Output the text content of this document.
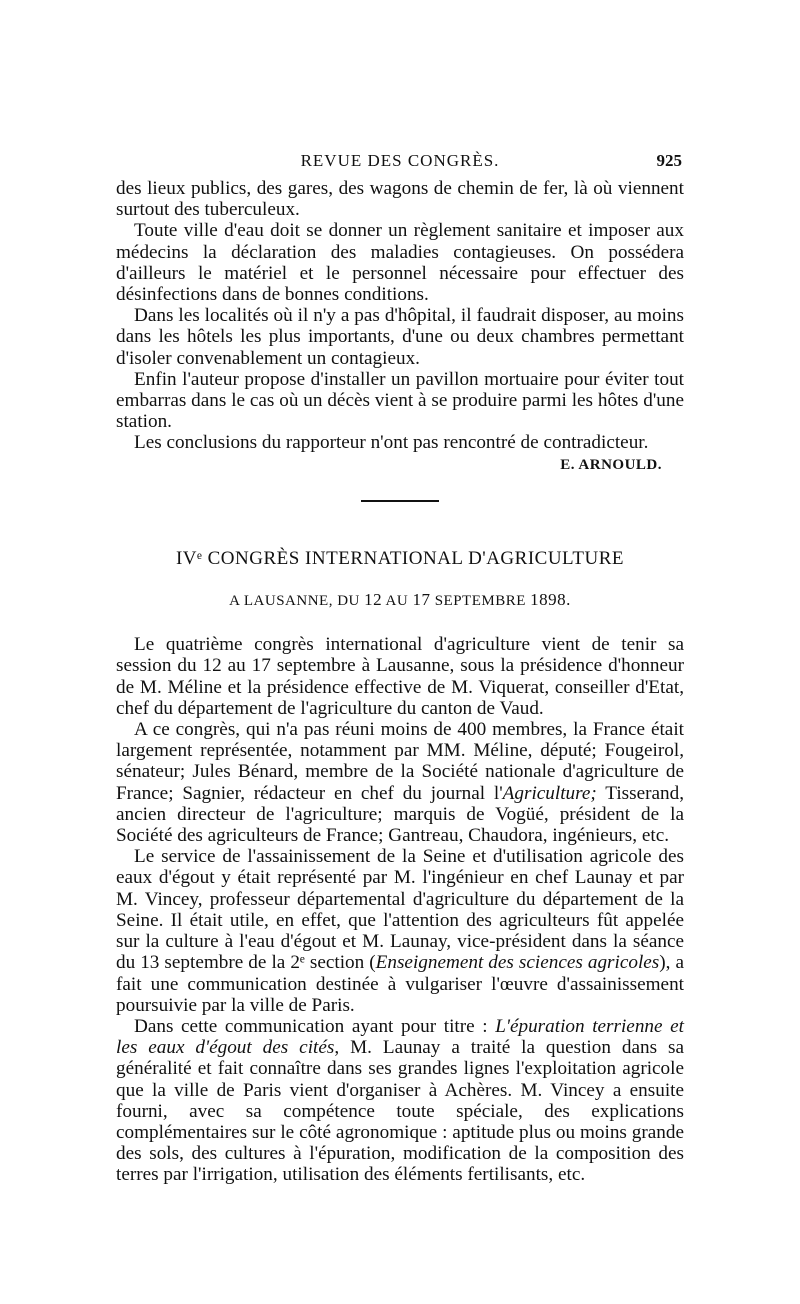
REVUE DES CONGRÈS.	925

des lieux publics, des gares, des wagons de chemin de fer, là où viennent surtout des tuberculeux.

Toute ville d'eau doit se donner un règlement sanitaire et imposer aux médecins la déclaration des maladies contagieuses. On possédera d'ailleurs le matériel et le personnel nécessaire pour effectuer des désinfections dans de bonnes conditions.

Dans les localités où il n'y a pas d'hôpital, il faudrait disposer, au moins dans les hôtels les plus importants, d'une ou deux chambres permettant d'isoler convenablement un contagieux.

Enfin l'auteur propose d'installer un pavillon mortuaire pour éviter tout embarras dans le cas où un décès vient à se produire parmi les hôtes d'une station.

Les conclusions du rapporteur n'ont pas rencontré de contradicteur.

E. ARNOULD.
IVᵉ CONGRÈS INTERNATIONAL D'AGRICULTURE
A LAUSANNE, DU 12 AU 17 SEPTEMBRE 1898.

Le quatrième congrès international d'agriculture vient de tenir sa session du 12 au 17 septembre à Lausanne, sous la présidence d'honneur de M. Méline et la présidence effective de M. Viquerat, conseiller d'Etat, chef du département de l'agriculture du canton de Vaud.

A ce congrès, qui n'a pas réuni moins de 400 membres, la France était largement représentée, notamment par MM. Méline, député; Fougeirol, sénateur; Jules Bénard, membre de la Société nationale d'agriculture de France; Sagnier, rédacteur en chef du journal l'Agriculture; Tisserand, ancien directeur de l'agriculture; marquis de Vogüé, président de la Société des agriculteurs de France; Gantreau, Chaudora, ingénieurs, etc.

Le service de l'assainissement de la Seine et d'utilisation agricole des eaux d'égout y était représenté par M. l'ingénieur en chef Launay et par M. Vincey, professeur départemental d'agriculture du département de la Seine. Il était utile, en effet, que l'attention des agriculteurs fût appelée sur la culture à l'eau d'égout et M. Launay, vice-président dans la séance du 13 septembre de la 2ᵉ section (Enseignement des sciences agricoles), a fait une communication destinée à vulgariser l'œuvre d'assainissement poursuivie par la ville de Paris.

Dans cette communication ayant pour titre : L'épuration terrienne et les eaux d'égout des cités, M. Launay a traité la question dans sa généralité et fait connaître dans ses grandes lignes l'exploitation agricole que la ville de Paris vient d'organiser à Achères. M. Vincey a ensuite fourni, avec sa compétence toute spéciale, des explications complémentaires sur le côté agronomique : aptitude plus ou moins grande des sols, des cultures à l'épuration, modification de la composition des terres par l'irrigation, utilisation des éléments fertilisants, etc.
